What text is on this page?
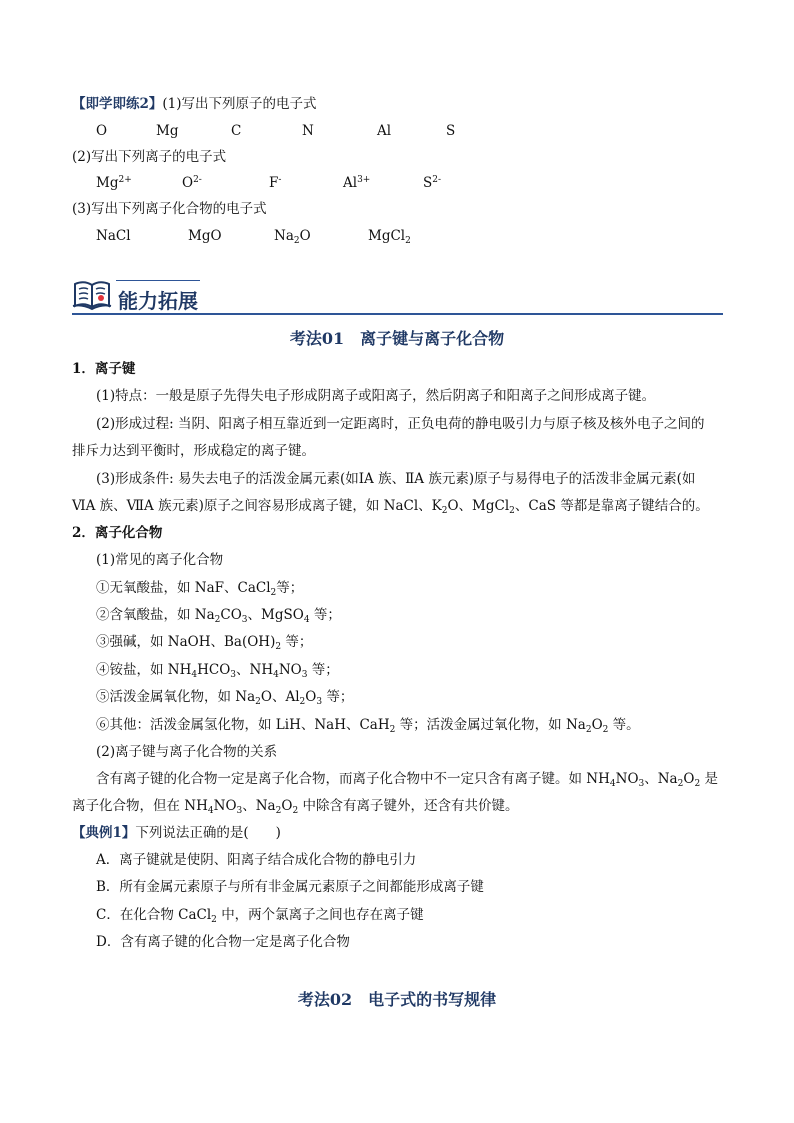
【即学即练2】(1)写出下列原子的电子式
O	Mg	C	N	Al	S
(2)写出下列离子的电子式
$Mg^{2+}$	$O^{2-}$	F-	$Al^{3+}$	$S^{2-}$
(3)写出下列离子化合物的电子式
NaCl	MgO	$Na_2O$	MgCl$_2$
能力拓展
考法01　离子键与离子化合物
1．离子键
(1)特点：一般是原子先得失电子形成阴离子或阳离子，然后阴离子和阳离子之间形成离子键。
(2)形成过程: 当阴、阳离子相互靠近到一定距离时，正负电荷的静电吸引力与原子核及核外电子之间的
排斥力达到平衡时，形成稳定的离子键。
(3)形成条件: 易失去电子的活泼金属元素(如ⅠA 族、ⅡA 族元素)原子与易得电子的活泼非金属元素(如
ⅥA 族、ⅦA 族元素)原子之间容易形成离子键，如 NaCl、$K_2O$、MgCl$_2$、CaS 等都是靠离子键结合的。
2．离子化合物
(1)常见的离子化合物
①无氧酸盐，如 NaF、CaCl$_2$等；
②含氧酸盐，如 $Na_2CO_3$、MgSO$_4$ 等；
③强碱，如 NaOH、$Ba(OH)_2$ 等；
④铵盐，如 $NH_4HCO_3$、$NH_4NO_3$ 等；
⑤活泼金属氧化物，如 $Na_2O$、$Al_2O_3$ 等；
⑥其他：活泼金属氢化物，如 LiH、NaH、CaH$_2$ 等；活泼金属过氧化物，如 $Na_2O_2$ 等。
(2)离子键与离子化合物的关系
含有离子键的化合物一定是离子化合物，而离子化合物中不一定只含有离子键。如 $NH_4NO_3$、$Na_2O_2$ 是
离子化合物，但在 $NH_4NO_3$、$Na_2O_2$ 中除含有离子键外，还含有共价键。
【典例1】下列说法正确的是(　　)
A．离子键就是使阴、阳离子结合成化合物的静电引力
B．所有金属元素原子与所有非金属元素原子之间都能形成离子键
C．在化合物 CaCl$_2$ 中，两个氯离子之间也存在离子键
D．含有离子键的化合物一定是离子化合物
考法02　电子式的书写规律
